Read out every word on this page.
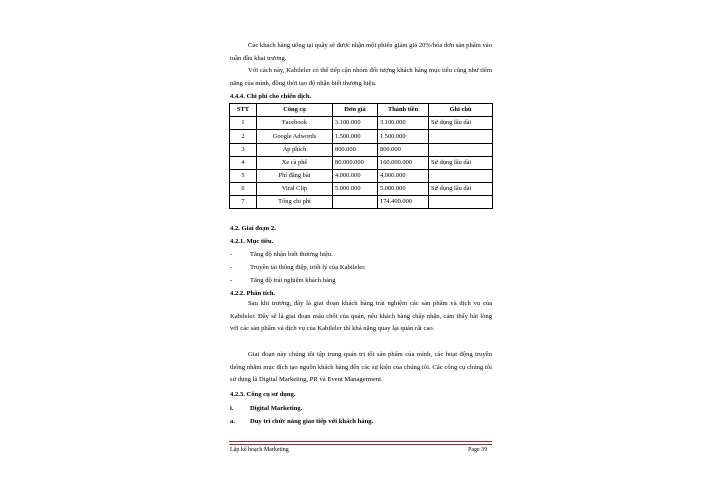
Các khách hàng uống tại quầy sẽ được nhận một phiếu giảm giá 20%/hóa đơn sản phẩm vào tuần đầu khai trương.

Với cách này, Kabileler có thể tiếp cận nhóm đối tượng khách hàng mục tiêu cũng như tiềm năng của mình, đồng thời tạo độ nhận biết thương hiệu.

4.4.4. Chi phí cho chiến dịch.

STT	Công cụ	Đơn giá	Thành tiền	Ghi chú
1	Facebook	3.100.000	3.100.000	Sử dụng lâu dài
2	Google Adwords	1.500.000	1.500.000	
3	Áp phích	800.000	800.000	
4	Xe cà phê	80.000.000	160.000.000	Sử dụng lâu dài
5	Phí đăng bài	4.000.000	4.000.000	
6	Viral Clip	5.000.000	5.000.000	Sử dụng lâu dài
7	Tổng chi phí		174.400.000	

4.2. Giai đoạn 2.

4.2.1. Mục tiêu.

-	Tăng độ nhận biết thương hiệu.

-	Truyền tải thông điệp, triết lý của Kabileler.

-	Tăng độ trải nghiệm khách hàng

4.2.2. Phân tích.

Sau khi trương, đây là giai đoạn khách hàng trải nghiệm các sản phẩm và dịch vụ của Kabileler. Đây sẽ là giai đoạn mấu chốt của quán, nếu khách hàng chấp nhận, cảm thấy hài lòng với các sản phẩm và dịch vụ của Kabileler thì khả năng quay lại quán rất cao.

Giai đoạn này chúng tôi tập trung quản trị tốt sản phẩm của mình, các hoạt động truyền thông nhằm mục đích tạo nguồn khách hàng đến các sự kiện của chúng tôi. Các công cụ chúng tôi sử dụng là Digital Marketing, PR và Event Managerment.

4.2.3. Công cụ sử dụng.

i.	Digital Marketing.

a. Duy trì chức năng giao tiếp với khách hàng.

Lập kế hoạch Marketing	Page 39
